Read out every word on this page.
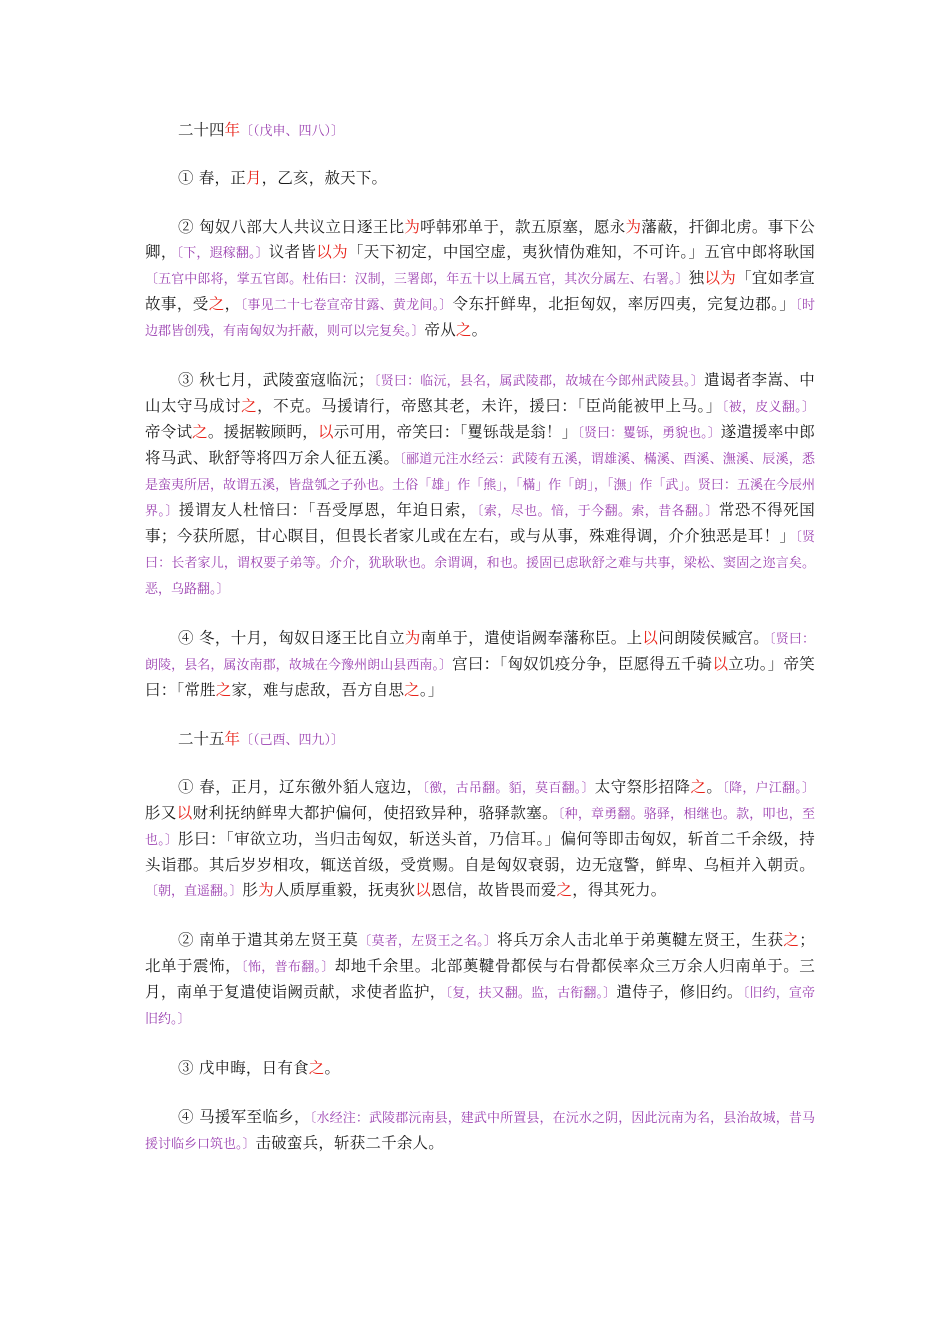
二十四年〔（戊申、四八）〕
① 春，正月，乙亥，赦天下。
② 匈奴八部大人共议立日逐王比为呼韩邪单于，款五原塞，愿永为藩蔽，扞御北虏。事下公卿，〔下，遐稼翻。〕议者皆以为「天下初定，中国空虚，夷狄情伪难知，不可许。」五官中郎将耿国〔五官中郎将，掌五官郎。杜佑曰：汉制，三署郎，年五十以上属五官，其次分属左、右署。〕独以为「宜如孝宣故事，受之，〔事见二十七卷宣帝甘露、黄龙间。〕令东扞鲜卑，北拒匈奴，率厉四夷，完复边郡。」〔时边郡皆创残，有南匈奴为扞蔽，则可以完复矣。〕帝从之。
③ 秋七月，武陵蛮寇临沅；〔贤曰：临沅，县名，属武陵郡，故城在今郎州武陵县。〕遣谒者李嵩、中山太守马成讨之，不克。马援请行，帝愍其老，未许，援曰：「臣尚能被甲上马。」〔被，皮义翻。〕帝令试之。援据鞍顾眄，以示可用，帝笑曰：「矍铄哉是翁！」〔贤曰：矍铄，勇貌也。〕遂遣援率中郎将马武、耿舒等将四万余人征五溪。〔郦道元注水经云：武陵有五溪，谓雄溪、樠溪、酉溪、潕溪、辰溪，悉是蛮夷所居，故谓五溪，皆盘瓠之子孙也。土俗「雄」作「熊」，「樠」作「朗」，「潕」作「武」。贤曰：五溪在今辰州界。〕援谓友人杜愔曰：「吾受厚恩，年迫日索，〔索，尽也。愔，于今翻。索，昔各翻。〕常恐不得死国事；今获所愿，甘心瞑目，但畏长者家儿或在左右，或与从事，殊难得调，介介独恶是耳！」〔贤曰：长者家儿，谓权要子弟等。介介，犹耿耿也。余谓调，和也。援固已虑耿舒之难与共事，梁松、窦固之迩言矣。恶，乌路翻。〕
④ 冬，十月，匈奴日逐王比自立为南单于，遣使诣阙奉藩称臣。上以问朗陵侯臧宫。〔贤曰：朗陵，县名，属汝南郡，故城在今豫州朗山县西南。〕宫曰：「匈奴饥疫分争，臣愿得五千骑以立功。」帝笑曰：「常胜之家，难与虑敌，吾方自思之。」
二十五年〔（己酉、四九）〕
① 春，正月，辽东徼外貊人寇边，〔徼，古吊翻。貊，莫百翻。〕太守祭肜招降之。〔降，户江翻。〕肜又以财利抚纳鲜卑大都护偏何，使招致异种，骆驿款塞。〔种，章勇翻。骆驿，相继也。款，叩也，至也。〕肜曰：「审欲立功，当归击匈奴，斩送头首，乃信耳。」偏何等即击匈奴，斩首二千余级，持头诣郡。其后岁岁相攻，辄送首级，受赏赐。自是匈奴衰弱，边无寇警，鲜卑、乌桓并入朝贡。〔朝，直遥翻。〕肜为人质厚重毅，抚夷狄以恩信，故皆畏而爱之，得其死力。
② 南单于遣其弟左贤王莫〔莫者，左贤王之名。〕将兵万余人击北单于弟薁鞬左贤王，生获之；北单于震怖，〔怖，普布翻。〕却地千余里。北部薁鞬骨都侯与右骨都侯率众三万余人归南单于。三月，南单于复遣使诣阙贡献，求使者监护，〔复，扶又翻。监，古衔翻。〕遣侍子，修旧约。〔旧约，宣帝旧约。〕
③ 戊申晦，日有食之。
④ 马援军至临乡，〔水经注：武陵郡沅南县，建武中所置县，在沅水之阴，因此沅南为名，县治故城，昔马援讨临乡口筑也。〕击破蛮兵，斩获二千余人。
